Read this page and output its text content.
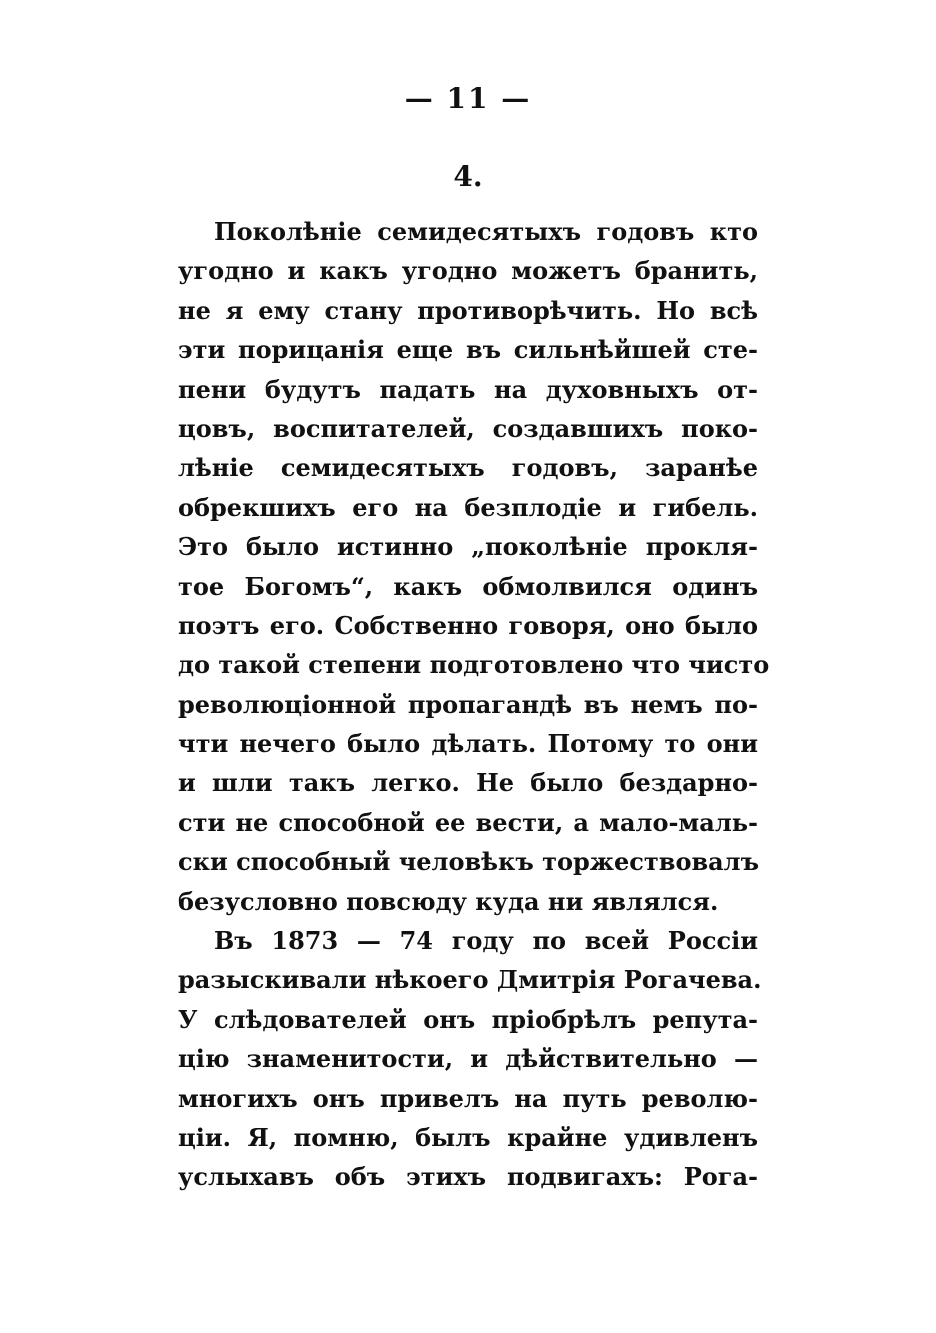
— 11 —
4.
Поколѣніе семидесятыхъ годовъ кто
угодно и какъ угодно можетъ бранить,
не я ему стану противорѣчить. Но всѣ
эти порицанія еще въ сильнѣйшей сте-
пени будутъ падать на духовныхъ от-
цовъ, воспитателей, создавшихъ поко-
лѣніе семидесятыхъ годовъ, заранѣе
обрекшихъ его на безплодіе и гибель.
Это было истинно „поколѣніе прокля-
тое Богомъ“, какъ обмолвился одинъ
поэтъ его. Собственно говоря, оно было
до такой степени подготовлено что чисто
революціонной пропагандѣ въ немъ по-
чти нечего было дѣлать. Потому то они
и шли такъ легко. Не было бездарно-
сти не способной ее вести, а мало-маль-
ски способный человѣкъ торжествовалъ
безусловно повсюду куда ни являлся.
Въ 1873 — 74 году по всей Россіи
разыскивали нѣкоего Дмитрія Рогачева.
У слѣдователей онъ пріобрѣлъ репута-
цію знаменитости, и дѣйствительно —
многихъ онъ привелъ на путь револю-
ціи. Я, помню, былъ крайне удивленъ
услыхавъ объ этихъ подвигахъ: Рога-
